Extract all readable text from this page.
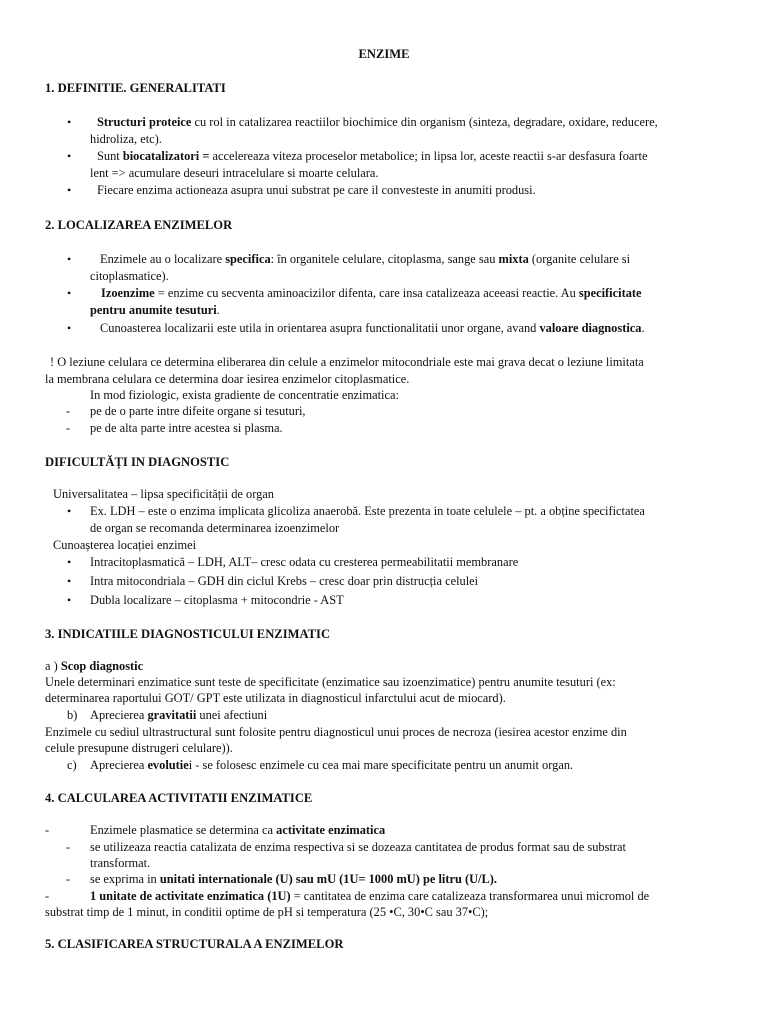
ENZIME
1. DEFINITIE. GENERALITATI
• Structuri proteice cu rol in catalizarea reactiilor biochimice din organism (sinteza, degradare, oxidare, reducere,
hidroliza, etc).
• Sunt biocatalizatori = accelereaza viteza proceselor metabolice; in lipsa lor, aceste reactii s-ar desfasura foarte
lent => acumulare deseuri intracelulare si moarte celulara.
• Fiecare enzima actioneaza asupra unui substrat pe care il convesteste in anumiti produsi.
2. LOCALIZAREA ENZIMELOR
• Enzimele au o localizare specifica: în organitele celulare, citoplasma, sange sau mixta (organite celulare si
citoplasmatice).
• Izoenzime = enzime cu secventa aminoacizilor difenta, care insa catalizeaza aceeasi reactie. Au specificitate
pentru anumite tesuturi.
• Cunoasterea localizarii este utila in orientarea asupra functionalitatii unor organe, avand valoare diagnostica.
! O leziune celulara ce determina eliberarea din celule a enzimelor mitocondriale este mai grava decat o leziune limitata
la membrana celulara ce determina doar iesirea enzimelor citoplasmatice.
In mod fiziologic, exista gradiente de concentratie enzimatica:
- pe de o parte intre difeite organe si tesuturi,
- pe de alta parte intre acestea si plasma.
DIFICULTĂȚI IN DIAGNOSTIC
Universalitatea – lipsa specificității de organ
• Ex. LDH – este o enzima implicata glicoliza anaerobă. Este prezenta in toate celulele – pt. a obține specifictatea
de organ se recomanda determinarea izoenzimelor
Cunoașterea locației enzimei
• Intracitoplasmatică – LDH, ALT– cresc odata cu cresterea permeabilitatii membranare
• Intra mitocondriala – GDH din ciclul Krebs – cresc doar prin distrucția celulei
• Dubla localizare – citoplasma + mitocondrie - AST
3. INDICATIILE DIAGNOSTICULUI ENZIMATIC
a ) Scop diagnostic
Unele determinari enzimatice sunt teste de specificitate (enzimatice sau izoenzimatice) pentru anumite tesuturi (ex:
determinarea raportului GOT/ GPT este utilizata in diagnosticul infarctului acut de miocard).
b) Aprecierea gravitatii unei afectiuni
Enzimele cu sediul ultrastructural sunt folosite pentru diagnosticul unui proces de necroza (iesirea acestor enzime din
celule presupune distrugeri celulare)).
c) Aprecierea evolutiei - se folosesc enzimele cu cea mai mare specificitate pentru un anumit organ.
4. CALCULAREA ACTIVITATII ENZIMATICE
-	Enzimele plasmatice se determina ca activitate enzimatica
- se utilizeaza reactia catalizata de enzima respectiva si se dozeaza cantitatea de produs format sau de substrat
transformat.
- se exprima in unitati internationale (U) sau mU (1U= 1000 mU) pe litru (U/L).
-	1 unitate de activitate enzimatica (1U) = cantitatea de enzima care catalizeaza transformarea unui micromol de
substrat timp de 1 minut, in conditii optime de pH si temperatura (25 •C, 30•C sau 37•C);
5. CLASIFICAREA STRUCTURALA A ENZIMELOR
